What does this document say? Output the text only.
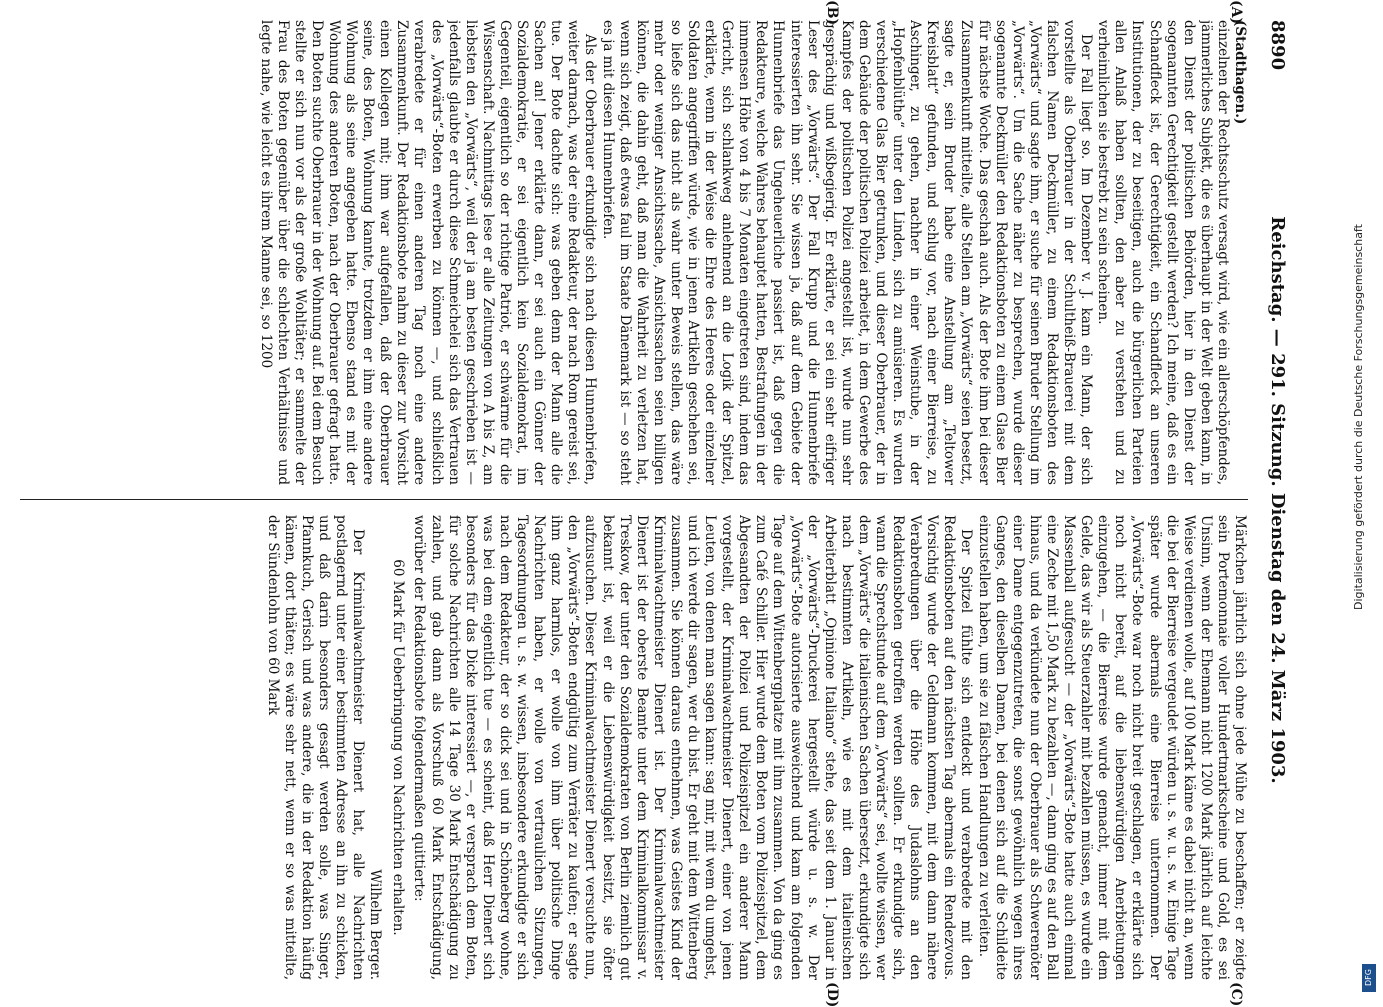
8890
Reichstag. — 291. Sitzung. Dienstag den 24. März 1903.
(A)
(B)
(C)
(D)

(Stadthagen.)

einzelnen der Rechtsschutz versagt wird, wie ein allerschöpfendes, jämmerliches Subjekt, die es überhaupt in der Welt geben kann, in den Dienst der politischen Behörden, hier in den Dienst der sogenannten Gerechtigkeit gestellt werden? Ich meine, daß es ein Schandfleck ist, der Gerechtigkeit, ein Schandfleck an unseren Institutionen, der zu beseitigen, auch die bürgerlichen Parteien allen Anlaß haben sollten, den aber zu verstehen und zu verheimlichen sie bestrebt zu sein scheinen.

Der Fall liegt so. Im Dezember v. J. kam ein Mann, der sich vorstellte als Oberbrauer in der Schultheiß-Brauerei mit dem falschen Namen Deckmüller, zu einem Redaktionsboten des „Vorwärts“ und sagte ihm, er suche für seinen Bruder Stellung im „Vorwärts“. Um die Sache näher zu besprechen, wurde dieser sogenannte Deckmüller den Redaktionsboten zu einem Glase Bier für nächste Woche. Das geschah auch. Als der Bote ihm bei dieser Zusammenkunft mitteilte, alle Stellen am „Vorwärts“ seien besetzt, sagte er, sein Bruder habe eine Anstellung am „Teltower Kreisblatt“ gefunden, und schlug vor, nach einer Bierreise, zu Aschinger, zu gehen, nachher in einer Weinstube, in der „Hopfenblüthe“ unter den Linden, sich zu amüsieren. Es wurden verschiedene Glas Bier getrunken, und dieser Oberbrauer, der in dem Gebäude der politischen Polizei arbeitet, in dem Gewerbe des Kampfes der politischen Polizei angestellt ist, wurde nun sehr gesprächig und wißbegierig. Er erklärte, er sei ein sehr eifriger Leser des „Vorwärts“. Der Fall Krupp und die Hunnenbriefe interessierten ihn sehr. Sie wissen ja, daß auf dem Gebiete der Hunnenbriefe das Ungeheuerliche passiert ist, daß gegen die Redakteure, welche Wahres behauptet hatten, Bestrafungen in der immensen Höhe von 4 bis 7 Monaten eingetreten sind, indem das Gericht, sich schlankweg anlehnend an die Logik der Spitzel, erklärte, wenn in der Weise die Ehre des Heeres oder einzelner Soldaten angegriffen würde, wie in jenen Artikeln geschehen sei, so ließe sich das nicht als wahr unter Beweis stellen, das wäre mehr oder weniger Ansichtssache, Ansichtssachen seien billigen können, die dahin geht, daß man die Wahrheit zu verletzen hat, wenn sich zeigt, daß etwas faul im Staate Dänemark ist — so steht es ja mit diesen Hunnenbriefen.

Als der Oberbrauer erkundigte sich nach diesen Hunnenbriefen, weiter darnach, was der eine Redakteur, der nach Rom gereist sei, tue. Der Bote dachte sich: was geben denn der Mann alle die Sachen an! Jener erklärte dann, er sei auch ein Gönner der Sozialdemokratie, er sei eigentlich kein Sozialdemokrat, im Gegenteil, eigentlich so der richtige Patriot, er schwärme für die Wissenschaft. Nachmittags lese er alle Zeitungen von A bis Z, am liebsten den „Vorwärts“, weil der ja am besten geschrieben ist — jedenfalls glaubte er durch diese Schmeichelei sich das Vertrauen des „Vorwärts“-Boten erwerben zu können —, und schließlich verabredete er für einen anderen Tag noch eine andere Zusammenkunft. Der Redaktionsbote nahm zu dieser zur Vorsicht einen Kollegen mit; ihm war aufgefallen, daß der Oberbrauer seine, des Boten, Wohnung kannte, trotzdem er ihm eine andere Wohnung als seine angegeben hatte. Ebenso stand es mit der Wohnung des anderen Boten, nach der Oberbrauer gefragt hatte. Den Boten suchte Oberbrauer in der Wohnung auf. Bei dem Besuch stellte er sich nun vor als der große Wohltäter; er sammelte der Frau des Boten gegenüber über die schlechten Verhältnisse und legte nahe, wie leicht es ihrem Manne sei, so 1200

Märkchen jährlich sich ohne jede Mühe zu beschaffen; er zeigte sein Portemonnaie voller Hundertmarkscheine und Gold, es sei Unsinn, wenn der Ehemann nicht 1200 Mark jährlich auf leichte Weise verdienen wolle, auf 100 Mark käme es dabei nicht an, wenn die bei der Bierreise vergeudet würden u. s. w. u. s. w. Einige Tage später wurde abermals eine Bierreise unternommen. Der „Vorwärts“-Bote war noch nicht breit geschlagen, er erklärte sich noch nicht bereit, auf die liebenswürdigen Anerbietungen einzugehen, — die Bierreise wurde gemacht, immer mit dem Gelde, das wir als Steuerzahler mit bezahlen müssen, es wurde ein Massenball aufgesucht — der „Vorwärts“-Bote hatte auch einmal eine Zeche mit 1,50 Mark zu bezahlen —, dann ging es auf den Ball hinaus, und da verkündete nun der Oberbrauer als Schwerenöter einer Dame entgegenzutreten, die sonst gewöhnlich wegen ihres Ganges, den dieselben Damen, bei denen sich auf die Schildeite einzustellen haben, um sie zu fälschen Handlungen zu verleiten.

Der Spitzel fühlte sich entdeckt und verabredete mit den Redaktionsboten auf den nächsten Tag abermals ein Rendezvous. Vorsichtig wurde der Geldmann kommen, mit dem dann nähere Verabredungen über die Höhe des Judaslohns an den Redaktionsboten getroffen werden sollten. Er erkundigte sich, wann die Sprechstunde auf dem „Vorwärts“ sei, wollte wissen, wer dem „Vorwärts“ die italienischen Sachen übersetzt, erkundigte sich nach bestimmten Artikeln, wie es mit dem italienischen Arbeiterblatt „Opinione Italiano“ stehe, das seit dem 1. Januar in der „Vorwärts“-Druckerei hergestellt würde u. s. w. Der „Vorwärts“-Bote autorisierte ausweichend und kam am folgenden Tage auf dem Wittenbergplatze mit ihm zusammen. Von da ging es zum Café Schiller. Hier wurde dem Boten vom Polizeispitzel, dem Abgesandten der Polizei und Polizeispitzel ein anderer Mann vorgestellt, der Kriminalwachtmeister Dienert, einer von jenen Leuten, von denen man sagen kann: sag mir, mit wem du umgehst, und ich werde dir sagen, wer du bist. Er geht mit dem Wittenberg zusammen. Sie können daraus entnehmen, was Geistes Kind der Kriminalwachtmeister Dienert ist. Der Kriminalwachtmeister Dienert ist der oberste Beamte unter dem Kriminalkommissar v. Treskow, der unter den Sozialdemokraten von Berlin ziemlich gut bekannt ist, weil er die Liebenswürdigkeit besitzt, sie öfter aufzusuchen. Dieser Kriminalwachtmeister Dienert versuchte nun, den „Vorwärts“-Boten endgültig zum Verräter zu kaufen; er sagte ihm ganz harmlos, er wolle von ihm über politische Dinge Nachrichten haben, er wolle von vertraulichen Sitzungen, Tagesordnungen u. s. w. wissen, insbesondere erkundigte er sich nach dem Redakteur, der so dick sei und in Schöneberg wohne, was bei dem eigentlich tue — es scheint, daß Herr Dienert sich besonders für das Dicke interessiert —, er versprach dem Boten, für solche Nachrichten alle 14 Tage 30 Mark Entschädigung zu zahlen, und gab dann als Vorschuß 60 Mark Entschädigung, worüber der Redaktionsbote folgendermaßen quittierte:

60 Mark für Ueberbringung von Nachrichten erhalten.

Wilhelm Berger.

Der Kriminalwachtmeister Dienert hat, alle Nachrichten postlagernd unter einer bestimmten Adresse an ihn zu schicken, und daß darin besonders gesagt werden solle, was Singer, Pfannkuch, Gerisch und was andere, die in der Redaktion häufig kämen, dort thäten; es wäre sehr nett, wenn er so was mitteilte, der Sündenlohn von 60 Mark

Digitalisierung gefördert durch die Deutsche Forschungsgemeinschaft
DFG
